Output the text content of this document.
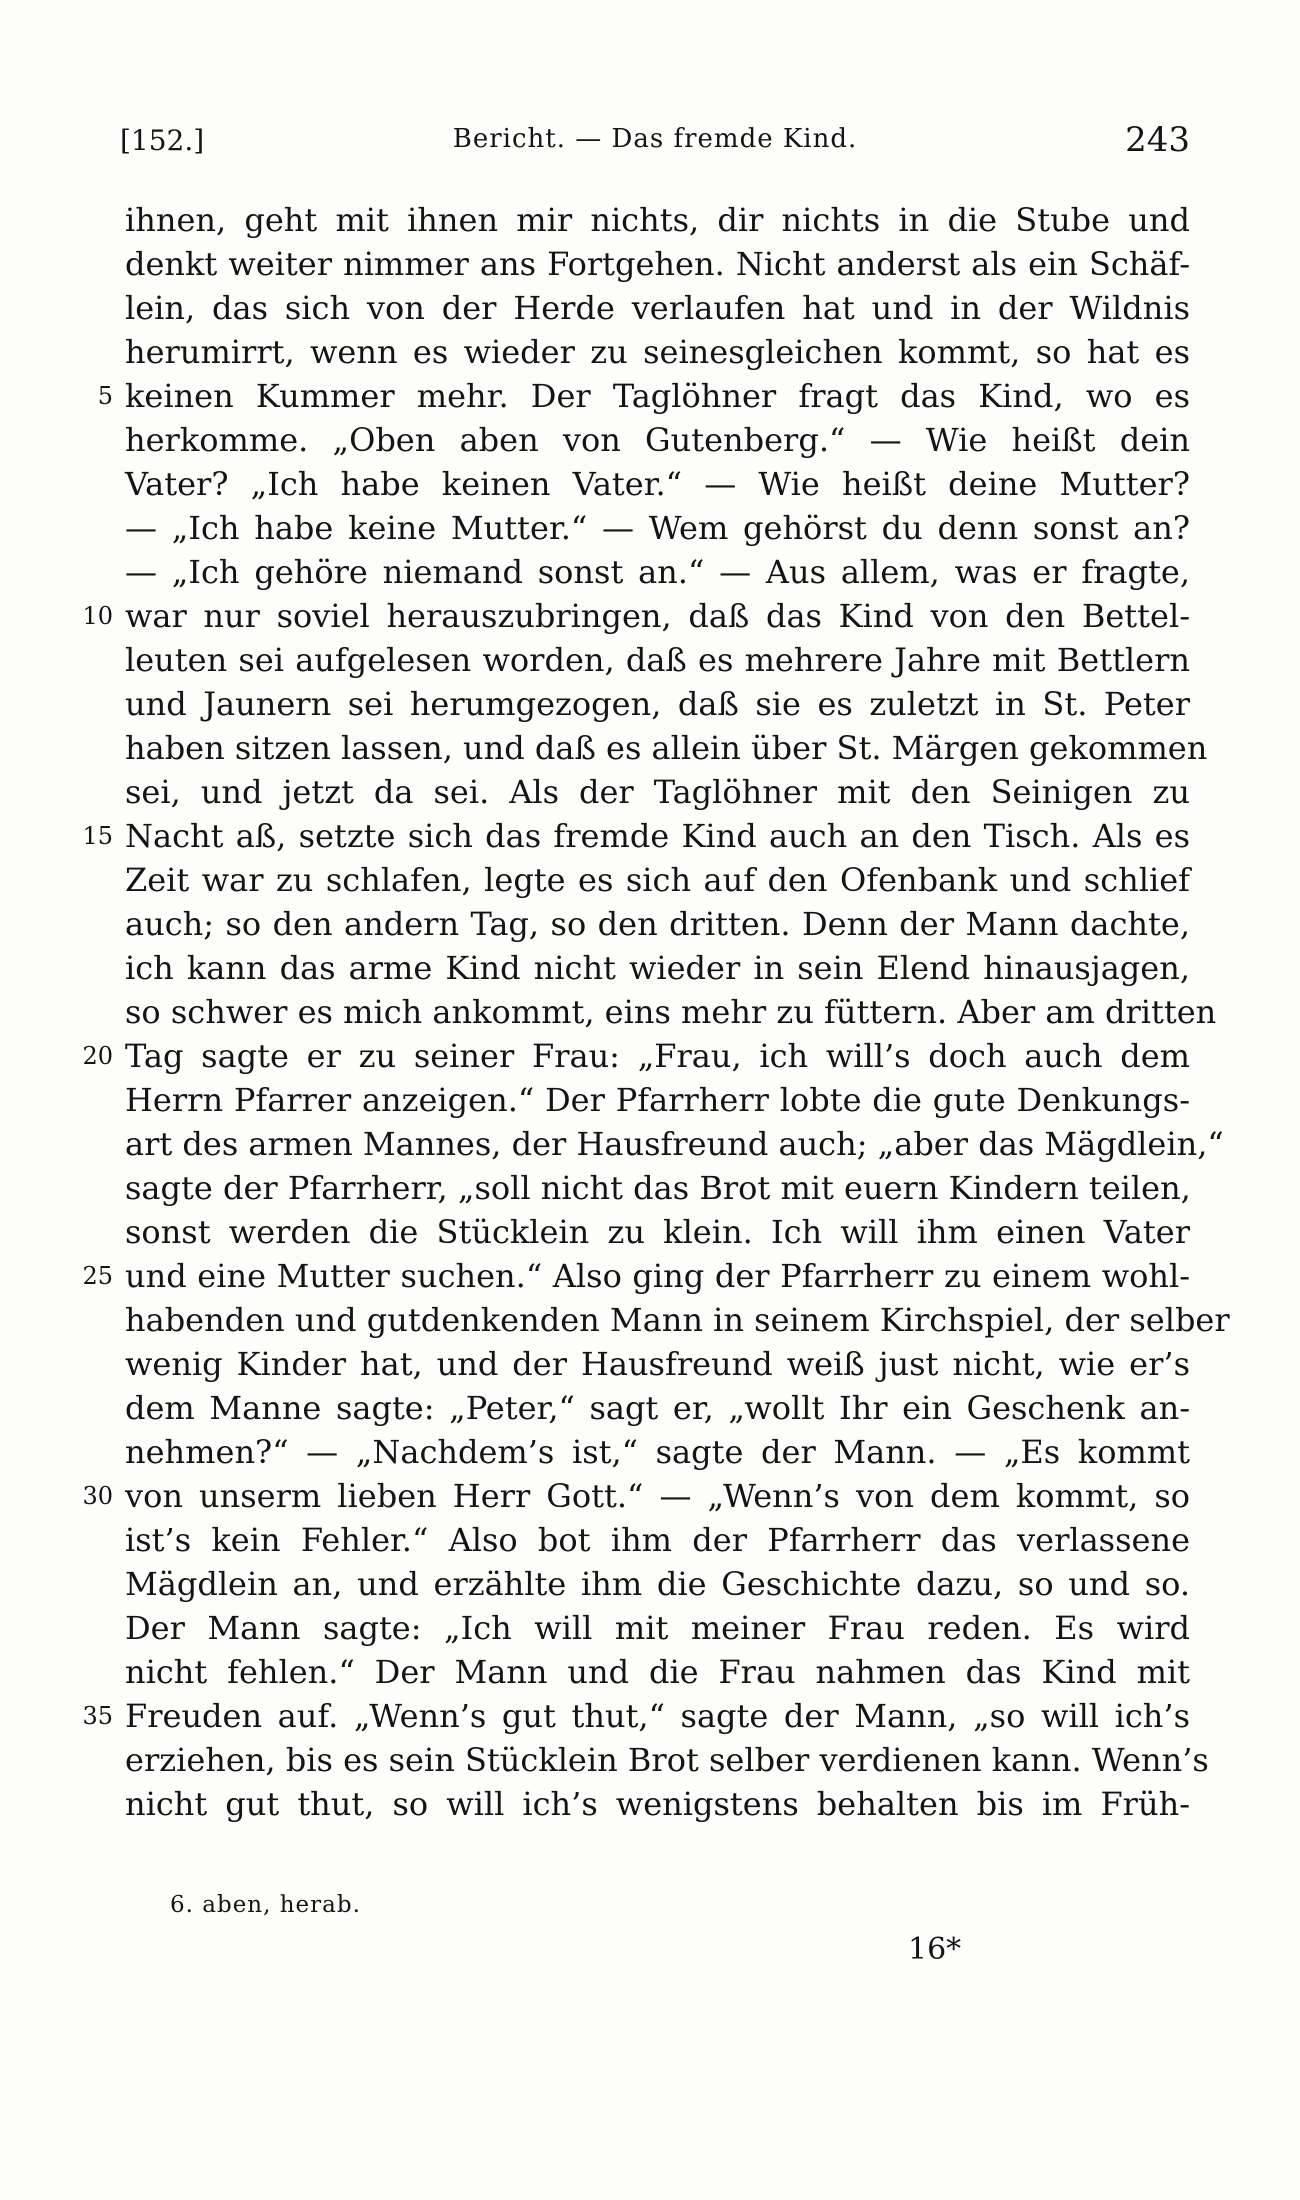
[152.]	Bericht. — Das fremde Kind.	243
ihnen, geht mit ihnen mir nichts, dir nichts in die Stube und
denkt weiter nimmer ans Fortgehen. Nicht anderst als ein Schäf-
lein, das sich von der Herde verlaufen hat und in der Wildnis
herumirrt, wenn es wieder zu seinesgleichen kommt, so hat es
5 keinen Kummer mehr. Der Taglöhner fragt das Kind, wo es
herkomme. „Oben aben von Gutenberg.“ — Wie heißt dein
Vater? „Ich habe keinen Vater.“ — Wie heißt deine Mutter?
— „Ich habe keine Mutter.“ — Wem gehörst du denn sonst an?
— „Ich gehöre niemand sonst an.“ — Aus allem, was er fragte,
10 war nur soviel herauszubringen, daß das Kind von den Bettel-
leuten sei aufgelesen worden, daß es mehrere Jahre mit Bettlern
und Jaunern sei herumgezogen, daß sie es zuletzt in St. Peter
haben sitzen lassen, und daß es allein über St. Märgen gekommen
sei, und jetzt da sei. Als der Taglöhner mit den Seinigen zu
15 Nacht aß, setzte sich das fremde Kind auch an den Tisch. Als es
Zeit war zu schlafen, legte es sich auf den Ofenbank und schlief
auch; so den andern Tag, so den dritten. Denn der Mann dachte,
ich kann das arme Kind nicht wieder in sein Elend hinausjagen,
so schwer es mich ankommt, eins mehr zu füttern. Aber am dritten
20 Tag sagte er zu seiner Frau: „Frau, ich will’s doch auch dem
Herrn Pfarrer anzeigen.“ Der Pfarrherr lobte die gute Denkungs-
art des armen Mannes, der Hausfreund auch; „aber das Mägdlein,“
sagte der Pfarrherr, „soll nicht das Brot mit euern Kindern teilen,
sonst werden die Stücklein zu klein. Ich will ihm einen Vater
25 und eine Mutter suchen.“ Also ging der Pfarrherr zu einem wohl-
habenden und gutdenkenden Mann in seinem Kirchspiel, der selber
wenig Kinder hat, und der Hausfreund weiß just nicht, wie er’s
dem Manne sagte: „Peter,“ sagt er, „wollt Ihr ein Geschenk an-
nehmen?“ — „Nachdem’s ist,“ sagte der Mann. — „Es kommt
30 von unserm lieben Herr Gott.“ — „Wenn’s von dem kommt, so
ist’s kein Fehler.“ Also bot ihm der Pfarrherr das verlassene
Mägdlein an, und erzählte ihm die Geschichte dazu, so und so.
Der Mann sagte: „Ich will mit meiner Frau reden. Es wird
nicht fehlen.“ Der Mann und die Frau nahmen das Kind mit
35 Freuden auf. „Wenn’s gut thut,“ sagte der Mann, „so will ich’s
erziehen, bis es sein Stücklein Brot selber verdienen kann. Wenn’s
nicht gut thut, so will ich’s wenigstens behalten bis im Früh-
6. aben, herab.
16*
